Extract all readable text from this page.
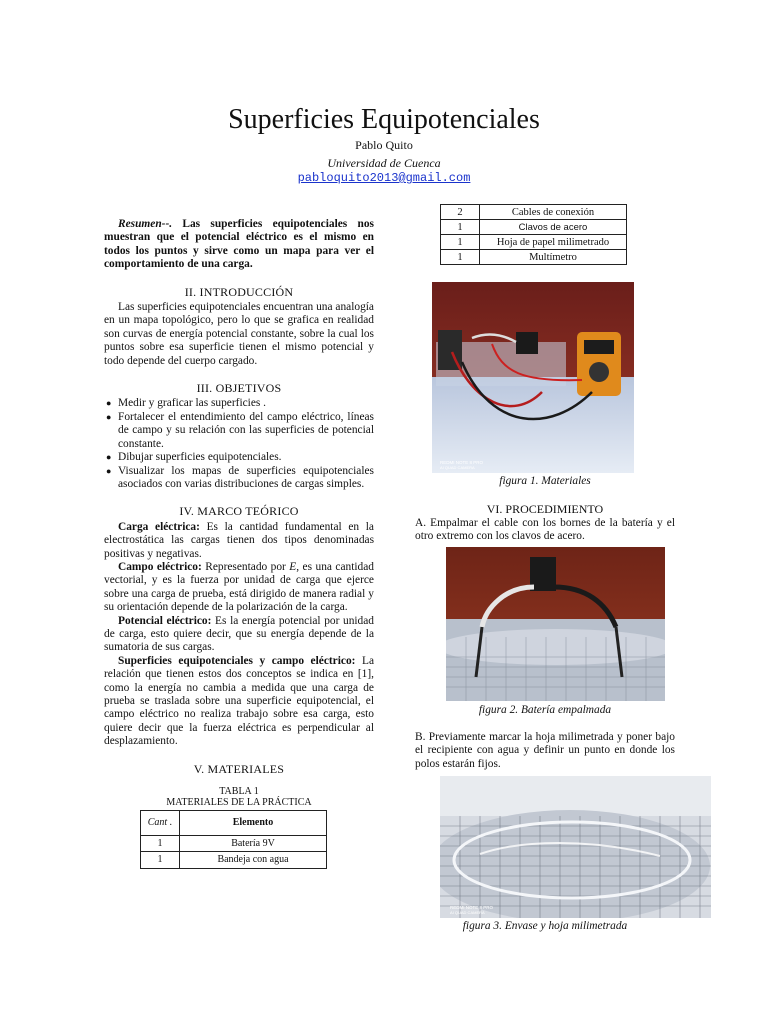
Superficies Equipotenciales
Pablo Quito
Universidad de Cuenca
pabloquito2013@gmail.com

Resumen--. Las superficies equipotenciales nos muestran que el potencial eléctrico es el mismo en todos los puntos y sirve como un mapa para ver el comportamiento de una carga.

II. INTRODUCCIÓN

Las superficies equipotenciales encuentran una analogía en un mapa topológico, pero lo que se grafica en realidad son curvas de energía potencial constante, sobre la cual los puntos sobre esa superficie tienen el mismo potencial y todo depende del cuerpo cargado.

III. OBJETIVOS
● Medir y graficar las superficies .
● Fortalecer el entendimiento del campo eléctrico, líneas de campo y su relación con las superficies de potencial constante.
● Dibujar superficies equipotenciales.
● Visualizar los mapas de superficies equipotenciales asociados con varias distribuciones de cargas simples.
IV. MARCO TEÓRICO

Carga eléctrica: Es la cantidad fundamental en la electrostática las cargas tienen dos tipos denominadas positivas y negativas.

Campo eléctrico: Representado por E, es una cantidad vectorial, y es la fuerza por unidad de carga que ejerce sobre una carga de prueba, está dirigido de manera radial y su orientación depende de la polarización de la carga.

Potencial eléctrico: Es la energía potencial por unidad de carga, esto quiere decir, que su energía depende de la sumatoria de sus cargas.

Superficies equipotenciales y campo eléctrico: La relación que tienen estos dos conceptos se indica en [1], como la energía no cambia a medida que una carga de prueba se traslada sobre una superficie equipotencial, el campo eléctrico no realiza trabajo sobre esa carga, esto quiere decir que la fuerza eléctrica es perpendicular al desplazamiento.

V. MATERIALES
TABLA 1
MATERIALES DE LA PRÁCTICA
Cant .	Elemento
1	Batería 9V
1	Bandeja con agua
2	Cables de conexión
1	Clavos de acero
1	Hoja de papel milimetrado
1	Multímetro
REDMI NOTE 8 PRO
AI QUAD CAMERA
figura 1. Materiales
VI. PROCEDIMIENTO
A. Empalmar el cable con los bornes de la batería y el otro extremo con los clavos de acero.
figura 2. Batería empalmada
B. Previamente marcar la hoja milimetrada y poner bajo el recipiente con agua y definir un punto en donde los polos estarán fijos.
REDMI NOTE 8 PRO
AI QUAD CAMERA
figura 3. Envase y hoja milimetrada
